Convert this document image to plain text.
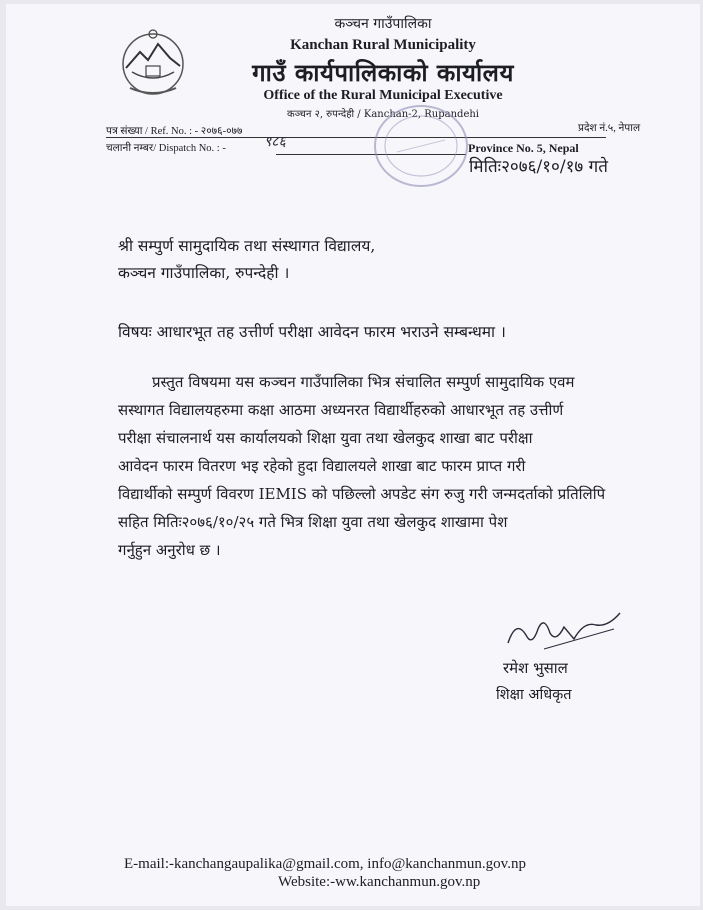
कञ्चन गाउँपालिका
Kanchan Rural Municipality
गाउँ कार्यपालिकाको कार्यालय
Office of the Rural Municipal Executive
कञ्चन २, रुपन्देही / Kanchan-2, Rupandehi
पत्र संख्या / Ref. No. : - २०७६-०७७	प्रदेश नं.५, नेपाल
चलानी नम्बर/ Dispatch No. : -	९८६	Province No. 5, Nepal
मितिः२०७६/१०/१७ गते
श्री सम्पुर्ण सामुदायिक तथा संस्थागत विद्यालय,
कञ्चन गाउँपालिका, रुपन्देही ।
विषयः आधारभूत तह उत्तीर्ण परीक्षा आवेदन फारम भराउने सम्बन्धमा ।
प्रस्तुत विषयमा यस कञ्चन गाउँपालिका भित्र संचालित सम्पुर्ण सामुदायिक एवम
सस्थागत विद्यालयहरुमा कक्षा आठमा अध्यनरत विद्यार्थीहरुको आधारभूत तह उत्तीर्ण
परीक्षा संचालनार्थ यस कार्यालयको शिक्षा युवा तथा खेलकुद शाखा बाट परीक्षा
आवेदन फारम वितरण भइ रहेको हुदा विद्यालयले शाखा बाट फारम प्राप्त गरी
विद्यार्थीको सम्पुर्ण विवरण IEMIS को पछिल्लो अपडेट संग रुजु गरी जन्मदर्ताको प्रतिलिपि
सहित मितिः२०७६/१०/२५ गते भित्र शिक्षा युवा तथा खेलकुद शाखामा पेश
गर्नुहुन अनुरोध छ ।
रमेश भुसाल
शिक्षा अधिकृत
E-mail:-kanchangaupalika@gmail.com, info@kanchanmun.gov.np
Website:-ww.kanchanmun.gov.np
